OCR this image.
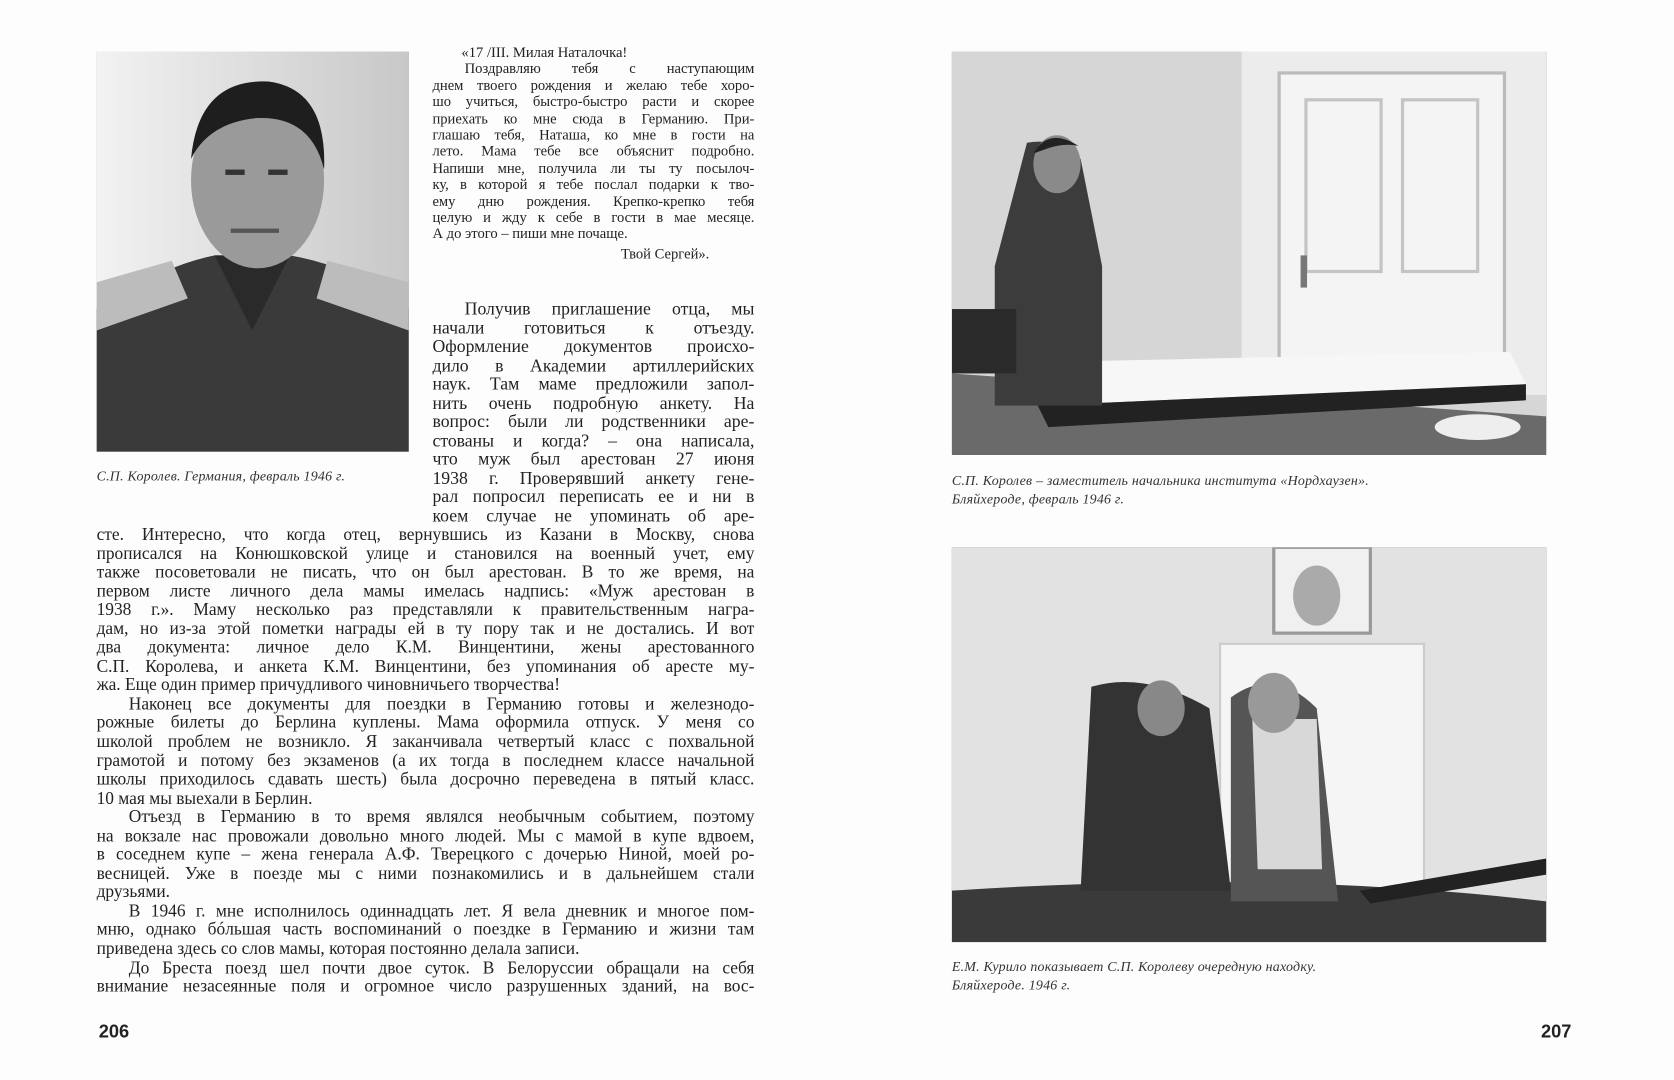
С.П. Королев. Германия, февраль 1946 г.
«17 /III. Милая Наталочка!
Поздравляю тебя с наступающим
днем твоего рождения и желаю тебе хоро-
шо учиться, быстро-быстро расти и скорее
приехать ко мне сюда в Германию. При-
глашаю тебя, Наташа, ко мне в гости на
лето. Мама тебе все объяснит подробно.
Напиши мне, получила ли ты ту посылоч-
ку, в которой я тебе послал подарки к тво-
ему дню рождения. Крепко-крепко тебя
целую и жду к себе в гости в мае месяце.
А до этого – пиши мне почаще.
Твой Сергей».
Получив приглашение отца, мы
начали готовиться к отъезду.
Оформление документов происхо-
дило в Академии артиллерийских
наук. Там маме предложили запол-
нить очень подробную анкету. На
вопрос: были ли родственники аре-
стованы и когда? – она написала,
что муж был арестован 27 июня
1938 г. Проверявший анкету гене-
рал попросил переписать ее и ни в
коем случае не упоминать об аре-
сте. Интересно, что когда отец, вернувшись из Казани в Москву, снова
прописался на Конюшковской улице и становился на военный учет, ему
также посоветовали не писать, что он был арестован. В то же время, на
первом листе личного дела мамы имелась надпись: «Муж арестован в
1938 г.». Маму несколько раз представляли к правительственным награ-
дам, но из-за этой пометки награды ей в ту пору так и не достались. И вот
два документа: личное дело К.М. Винцентини, жены арестованного
С.П. Королева, и анкета К.М. Винцентини, без упоминания об аресте му-
жа. Еще один пример причудливого чиновничьего творчества!
Наконец все документы для поездки в Германию готовы и железнодо-
рожные билеты до Берлина куплены. Мама оформила отпуск. У меня со
школой проблем не возникло. Я заканчивала четвертый класс с похвальной
грамотой и потому без экзаменов (а их тогда в последнем классе начальной
школы приходилось сдавать шесть) была досрочно переведена в пятый класс.
10 мая мы выехали в Берлин.
Отъезд в Германию в то время являлся необычным событием, поэтому
на вокзале нас провожали довольно много людей. Мы с мамой в купе вдвоем,
в соседнем купе – жена генерала А.Ф. Тверецкого с дочерью Ниной, моей ро-
весницей. Уже в поезде мы с ними познакомились и в дальнейшем стали
друзьями.
В 1946 г. мне исполнилось одиннадцать лет. Я вела дневник и многое пом-
мню, однако бóльшая часть воспоминаний о поездке в Германию и жизни там
приведена здесь со слов мамы, которая постоянно делала записи.
До Бреста поезд шел почти двое суток. В Белоруссии обращали на себя
внимание незасеянные поля и огромное число разрушенных зданий, на вос-
206
С.П. Королев – заместитель начальника института «Нордхаузен».
Бляйхероде, февраль 1946 г.
Е.М. Курило показывает С.П. Королеву очередную находку.
Бляйхероде. 1946 г.
207
